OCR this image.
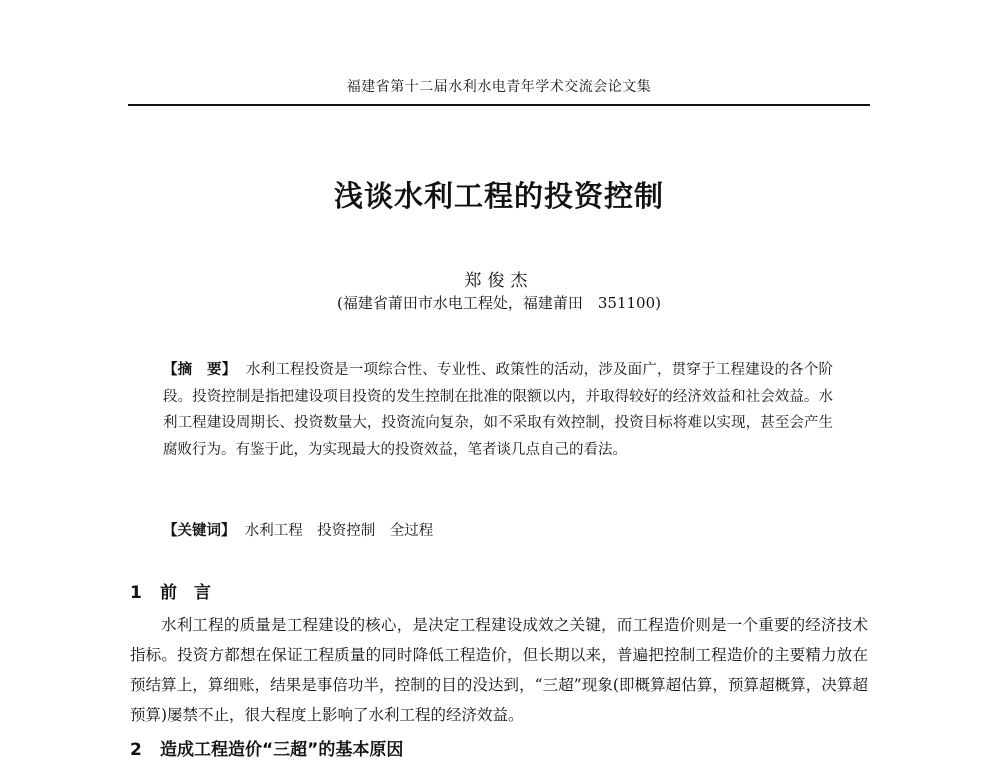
福建省第十二届水利水电青年学术交流会论文集
浅谈水利工程的投资控制
郑俊杰
(福建省莆田市水电工程处，福建莆田　351100)
【摘　要】 水利工程投资是一项综合性、专业性、政策性的活动，涉及面广，贯穿于工程建设的各个阶段。投资控制是指把建设项目投资的发生控制在批准的限额以内，并取得较好的经济效益和社会效益。水利工程建设周期长、投资数量大，投资流向复杂，如不采取有效控制，投资目标将难以实现，甚至会产生腐败行为。有鉴于此，为实现最大的投资效益，笔者谈几点自己的看法。
【关键词】 水利工程　投资控制　全过程
1 前　言
水利工程的质量是工程建设的核心，是决定工程建设成效之关键，而工程造价则是一个重要的经济技术指标。投资方都想在保证工程质量的同时降低工程造价，但长期以来，普遍把控制工程造价的主要精力放在预结算上，算细账，结果是事倍功半，控制的目的没达到，“三超”现象(即概算超估算，预算超概算，决算超预算)屡禁不止，很大程度上影响了水利工程的经济效益。
2 造成工程造价“三超”的基本原因
